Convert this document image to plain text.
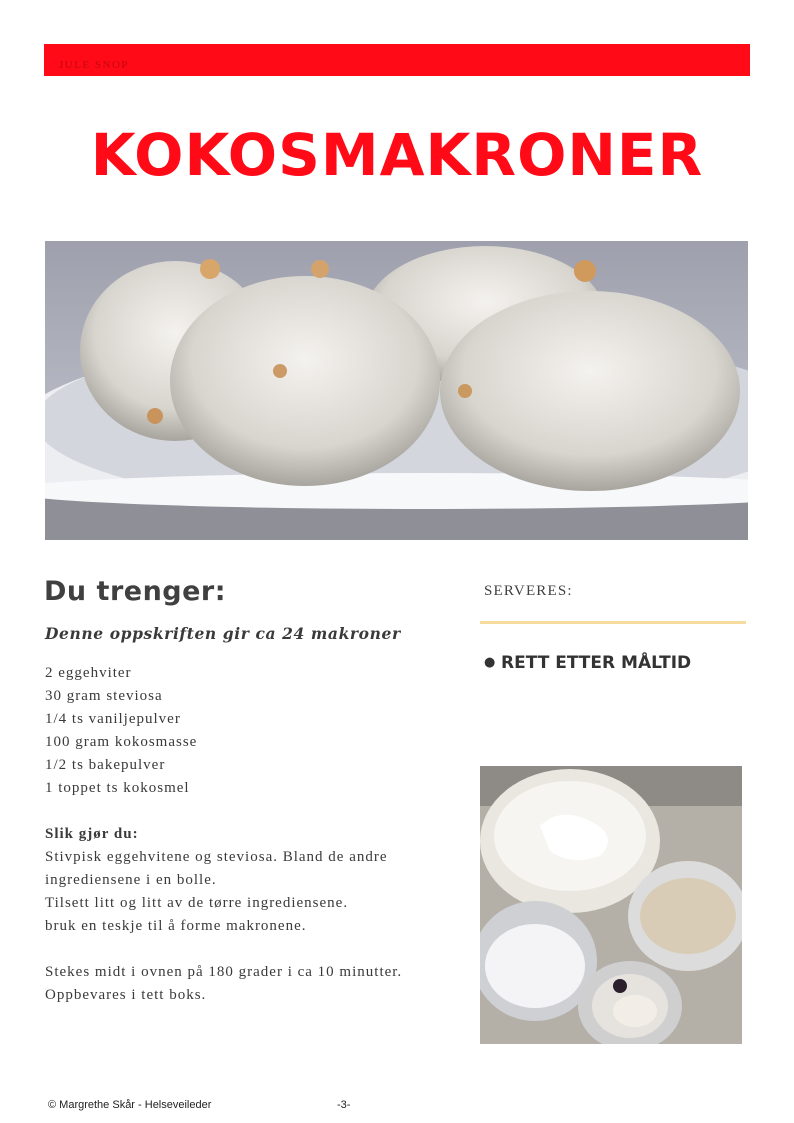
JULE SNOP
KOKOSMAKRONER
Du trenger:
Denne oppskriften gir ca 24 makroner
2 eggehviter
30 gram steviosa
1/4 ts vaniljepulver
100 gram kokosmasse
1/2 ts bakepulver
1 toppet ts kokosmel
Slik gjør du:
Stivpisk eggehvitene og steviosa. Bland de andre
ingrediensene i en bolle.
Tilsett litt og litt av de tørre ingrediensene.
bruk en teskje til å forme makronene.

Stekes midt i ovnen på 180 grader i ca 10 minutter.
Oppbevares i tett boks.
SERVERES:
● RETT ETTER MÅLTID
© Margrethe Skår - Helseveileder	-3-
